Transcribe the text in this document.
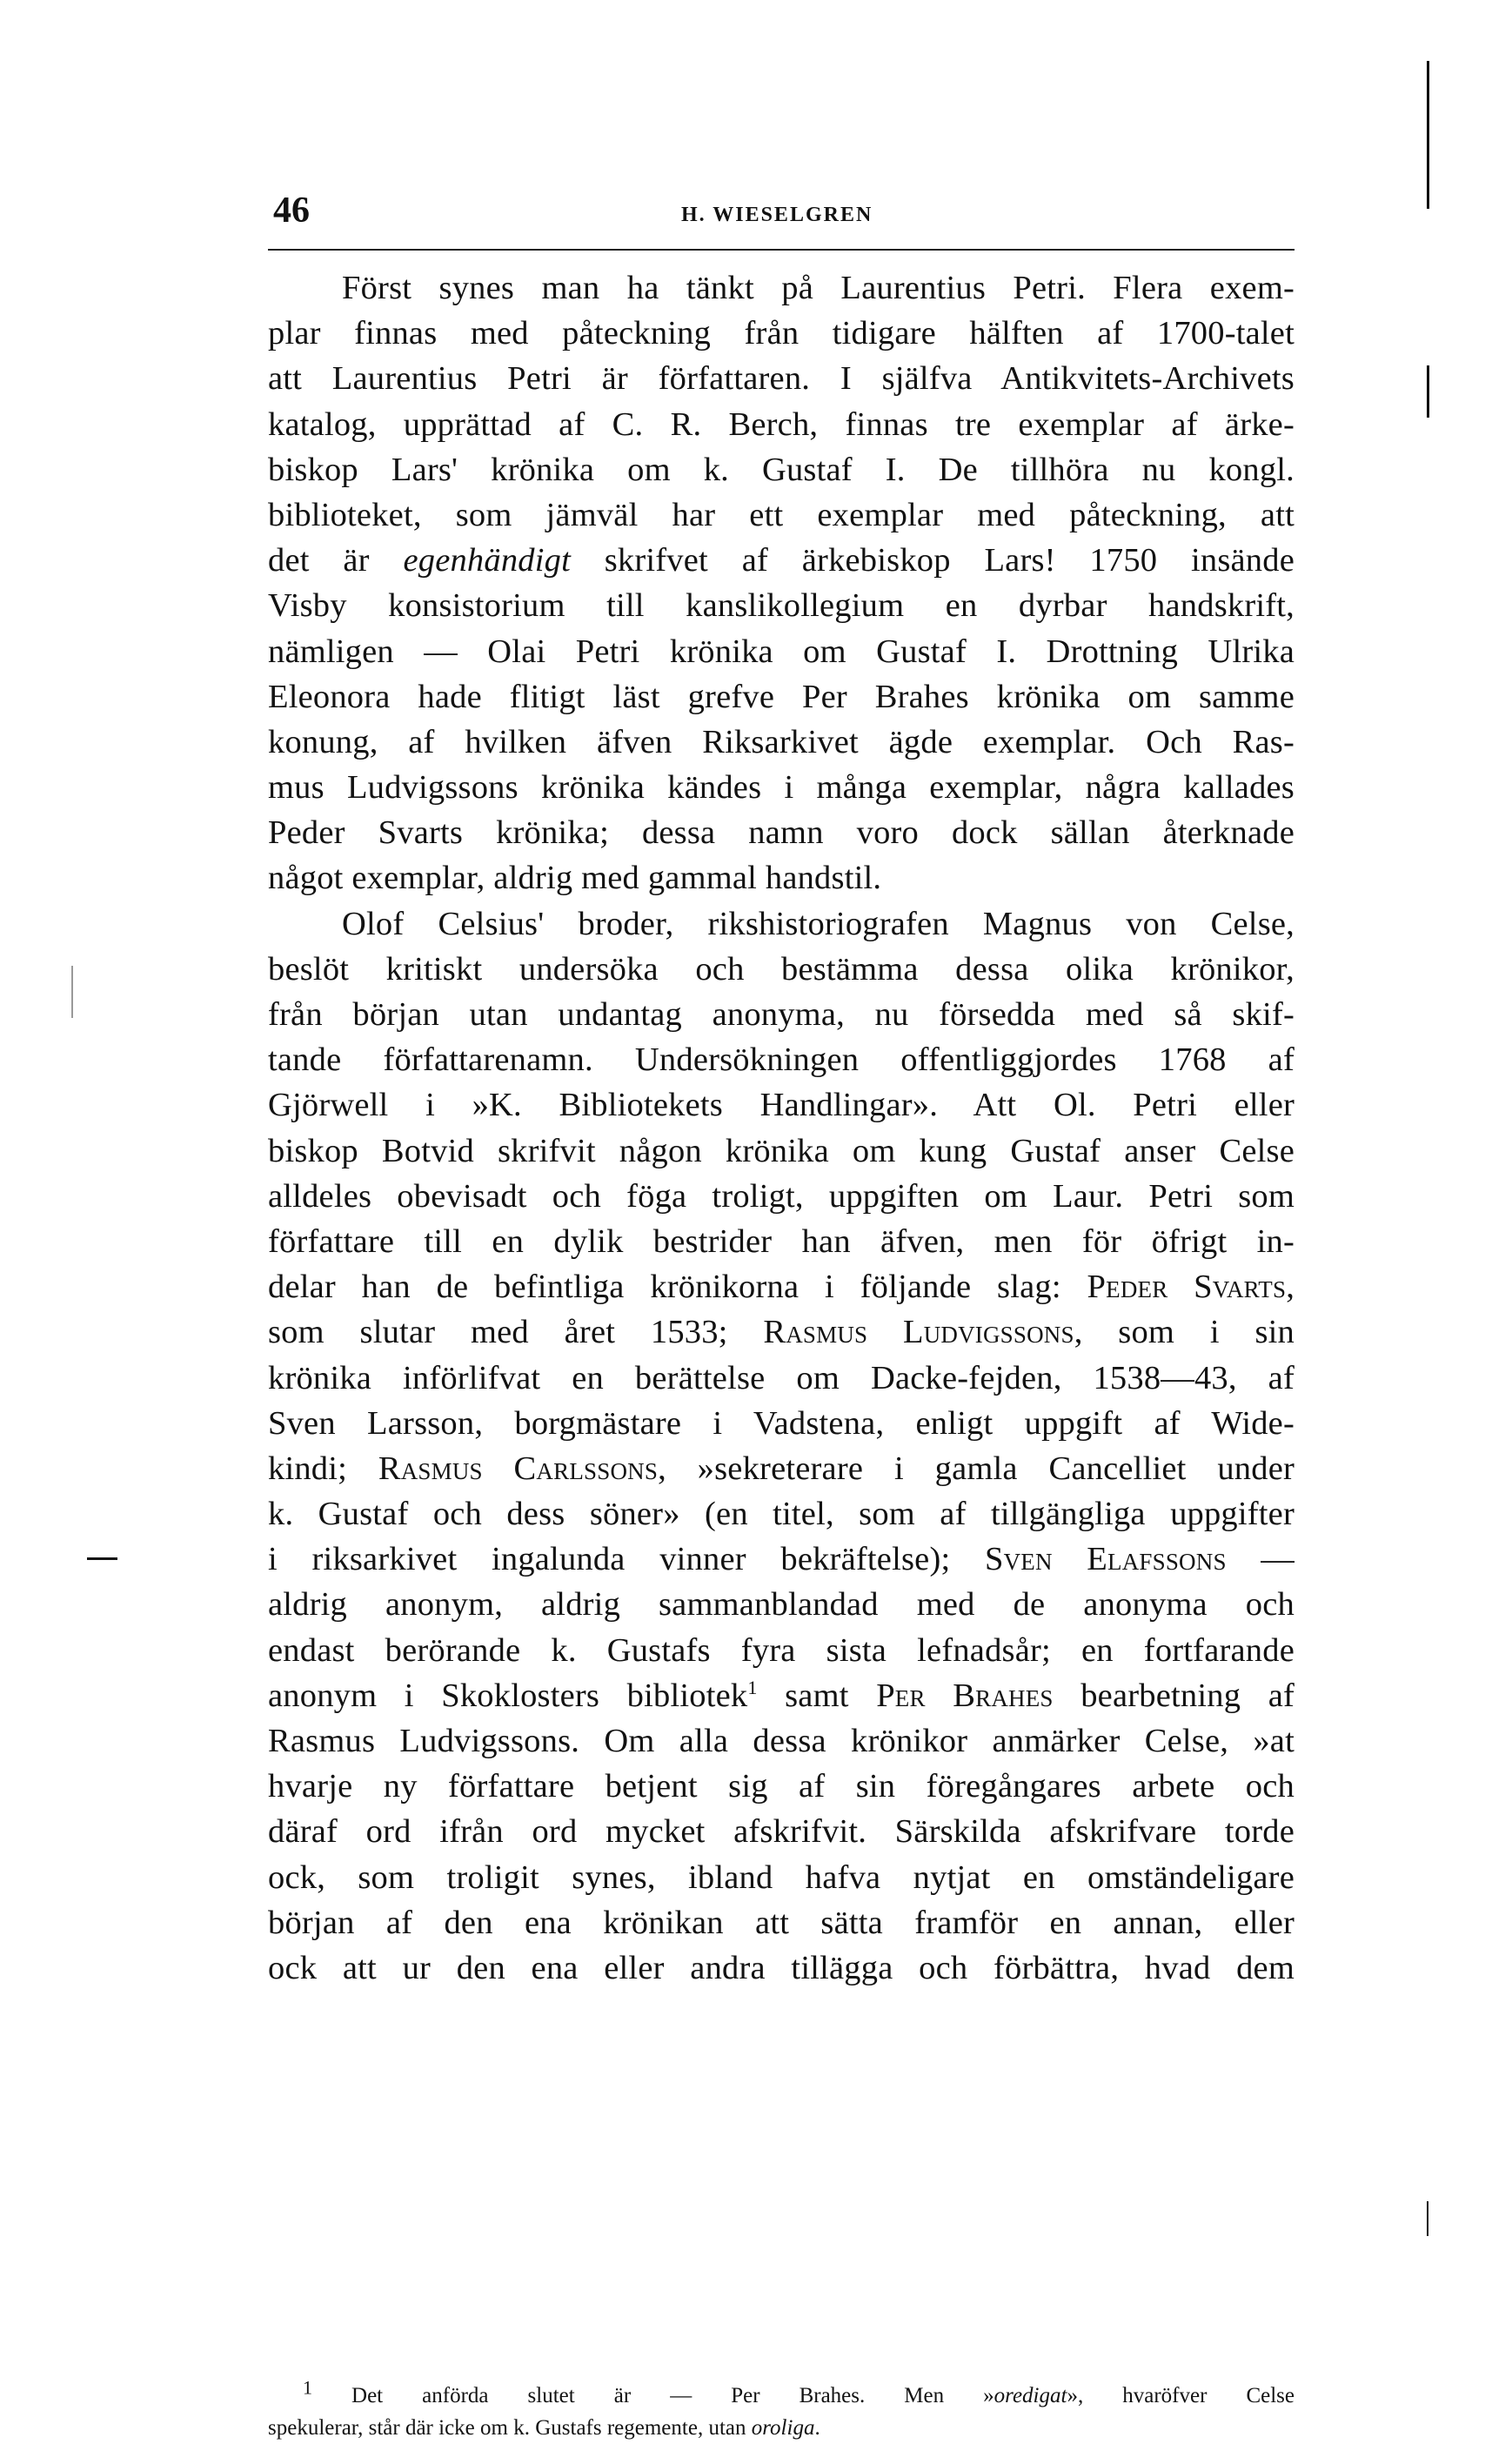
46	H. WIESELGREN
Först synes man ha tänkt på Laurentius Petri. Flera exem-
plar finnas med påteckning från tidigare hälften af 1700-talet
att Laurentius Petri är författaren. I själfva Antikvitets-Archivets
katalog, upprättad af C. R. Berch, finnas tre exemplar af ärke-
biskop Lars' krönika om k. Gustaf I. De tillhöra nu kongl.
biblioteket, som jämväl har ett exemplar med påteckning, att
det är egenhändigt skrifvet af ärkebiskop Lars! 1750 insände
Visby konsistorium till kanslikollegium en dyrbar handskrift,
nämligen — Olai Petri krönika om Gustaf I. Drottning Ulrika
Eleonora hade flitigt läst grefve Per Brahes krönika om samme
konung, af hvilken äfven Riksarkivet ägde exemplar. Och Ras-
mus Ludvigssons krönika kändes i många exemplar, några kallades
Peder Svarts krönika; dessa namn voro dock sällan återknade
något exemplar, aldrig med gammal handstil.
Olof Celsius' broder, rikshistoriografen Magnus von Celse,
beslöt kritiskt undersöka och bestämma dessa olika krönikor,
från början utan undantag anonyma, nu försedda med så skif-
tande författarenamn. Undersökningen offentliggjordes 1768 af
Gjörwell i »K. Bibliotekets Handlingar». Att Ol. Petri eller
biskop Botvid skrifvit någon krönika om kung Gustaf anser Celse
alldeles obevisadt och föga troligt, uppgiften om Laur. Petri som
författare till en dylik bestrider han äfven, men för öfrigt in-
delar han de befintliga krönikorna i följande slag: Peder Svarts,
som slutar med året 1533; Rasmus Ludvigssons, som i sin
krönika införlifvat en berättelse om Dacke-fejden, 1538—43, af
Sven Larsson, borgmästare i Vadstena, enligt uppgift af Wide-
kindi; Rasmus Carlssons, »sekreterare i gamla Cancelliet under
k. Gustaf och dess söner» (en titel, som af tillgängliga uppgifter
i riksarkivet ingalunda vinner bekräftelse); Sven Elafssons —
aldrig anonym, aldrig sammanblandad med de anonyma och
endast berörande k. Gustafs fyra sista lefnadsår; en fortfarande
anonym i Skoklosters bibliotek$^1$ samt Per Brahes bearbetning af
Rasmus Ludvigssons. Om alla dessa krönikor anmärker Celse, »at
hvarje ny författare betjent sig af sin föregångares arbete och
däraf ord ifrån ord mycket afskrifvit. Särskilda afskrifvare torde
ock, som troligit synes, ibland hafva nytjat en omständeligare
början af den ena krönikan att sätta framför en annan, eller
ock att ur den ena eller andra tillägga och förbättra, hvad dem
$^1$ Det anförda slutet är — Per Brahes. Men »oredigat», hvaröfver Celse
spekulerar, står där icke om k. Gustafs regemente, utan oroliga.
